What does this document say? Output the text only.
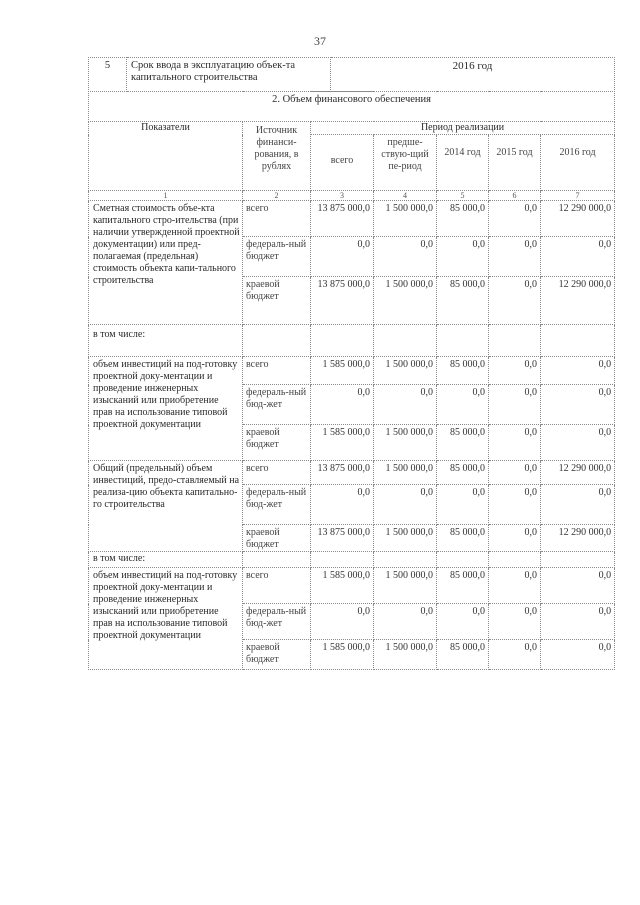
37
5	Срок ввода в эксплуатацию объек-та капитального строительства	2016 год
2. Объем финансового обеспечения						
Показатели	Источник финанси-рования, в рублях	Период реализации				
		всего	предше-ствую-щий пе-риод	2014 год	2015 год	2016 год
1	2	3	4	5	6	7
Сметная стоимость объе-кта капитального стро-ительства (при наличии утвержденной проектной документации) или пред-полагаемая (предельная) стоимость объекта капи-тального строительства	всего	13 875 000,0	1 500 000,0	85 000,0	0,0	12 290 000,0
	федераль-ный бюджет	0,0	0,0	0,0	0,0	0,0
	краевой бюджет	13 875 000,0	1 500 000,0	85 000,0	0,0	12 290 000,0
в том числе:						
объем инвестиций на под-готовку проектной доку-ментации и проведение инженерных изысканий или приобретение прав на использование типовой проектной документации	всего	1 585 000,0	1 500 000,0	85 000,0	0,0	0,0
	федераль-ный бюд-жет	0,0	0,0	0,0	0,0	0,0
	краевой бюджет	1 585 000,0	1 500 000,0	85 000,0	0,0	0,0
Общий (предельный) объем инвестиций, предо-ставляемый на реализа-цию объекта капитально-го строительства	всего	13 875 000,0	1 500 000,0	85 000,0	0,0	12 290 000,0
	федераль-ный бюд-жет	0,0	0,0	0,0	0,0	0,0
	краевой бюджет	13 875 000,0	1 500 000,0	85 000,0	0,0	12 290 000,0
в том числе:						
объем инвестиций на под-готовку проектной доку-ментации и проведение инженерных изысканий или приобретение прав на использование типовой проектной документации	всего	1 585 000,0	1 500 000,0	85 000,0	0,0	0,0
	федераль-ный бюд-жет	0,0	0,0	0,0	0,0	0,0
	краевой бюджет	1 585 000,0	1 500 000,0	85 000,0	0,0	0,0
